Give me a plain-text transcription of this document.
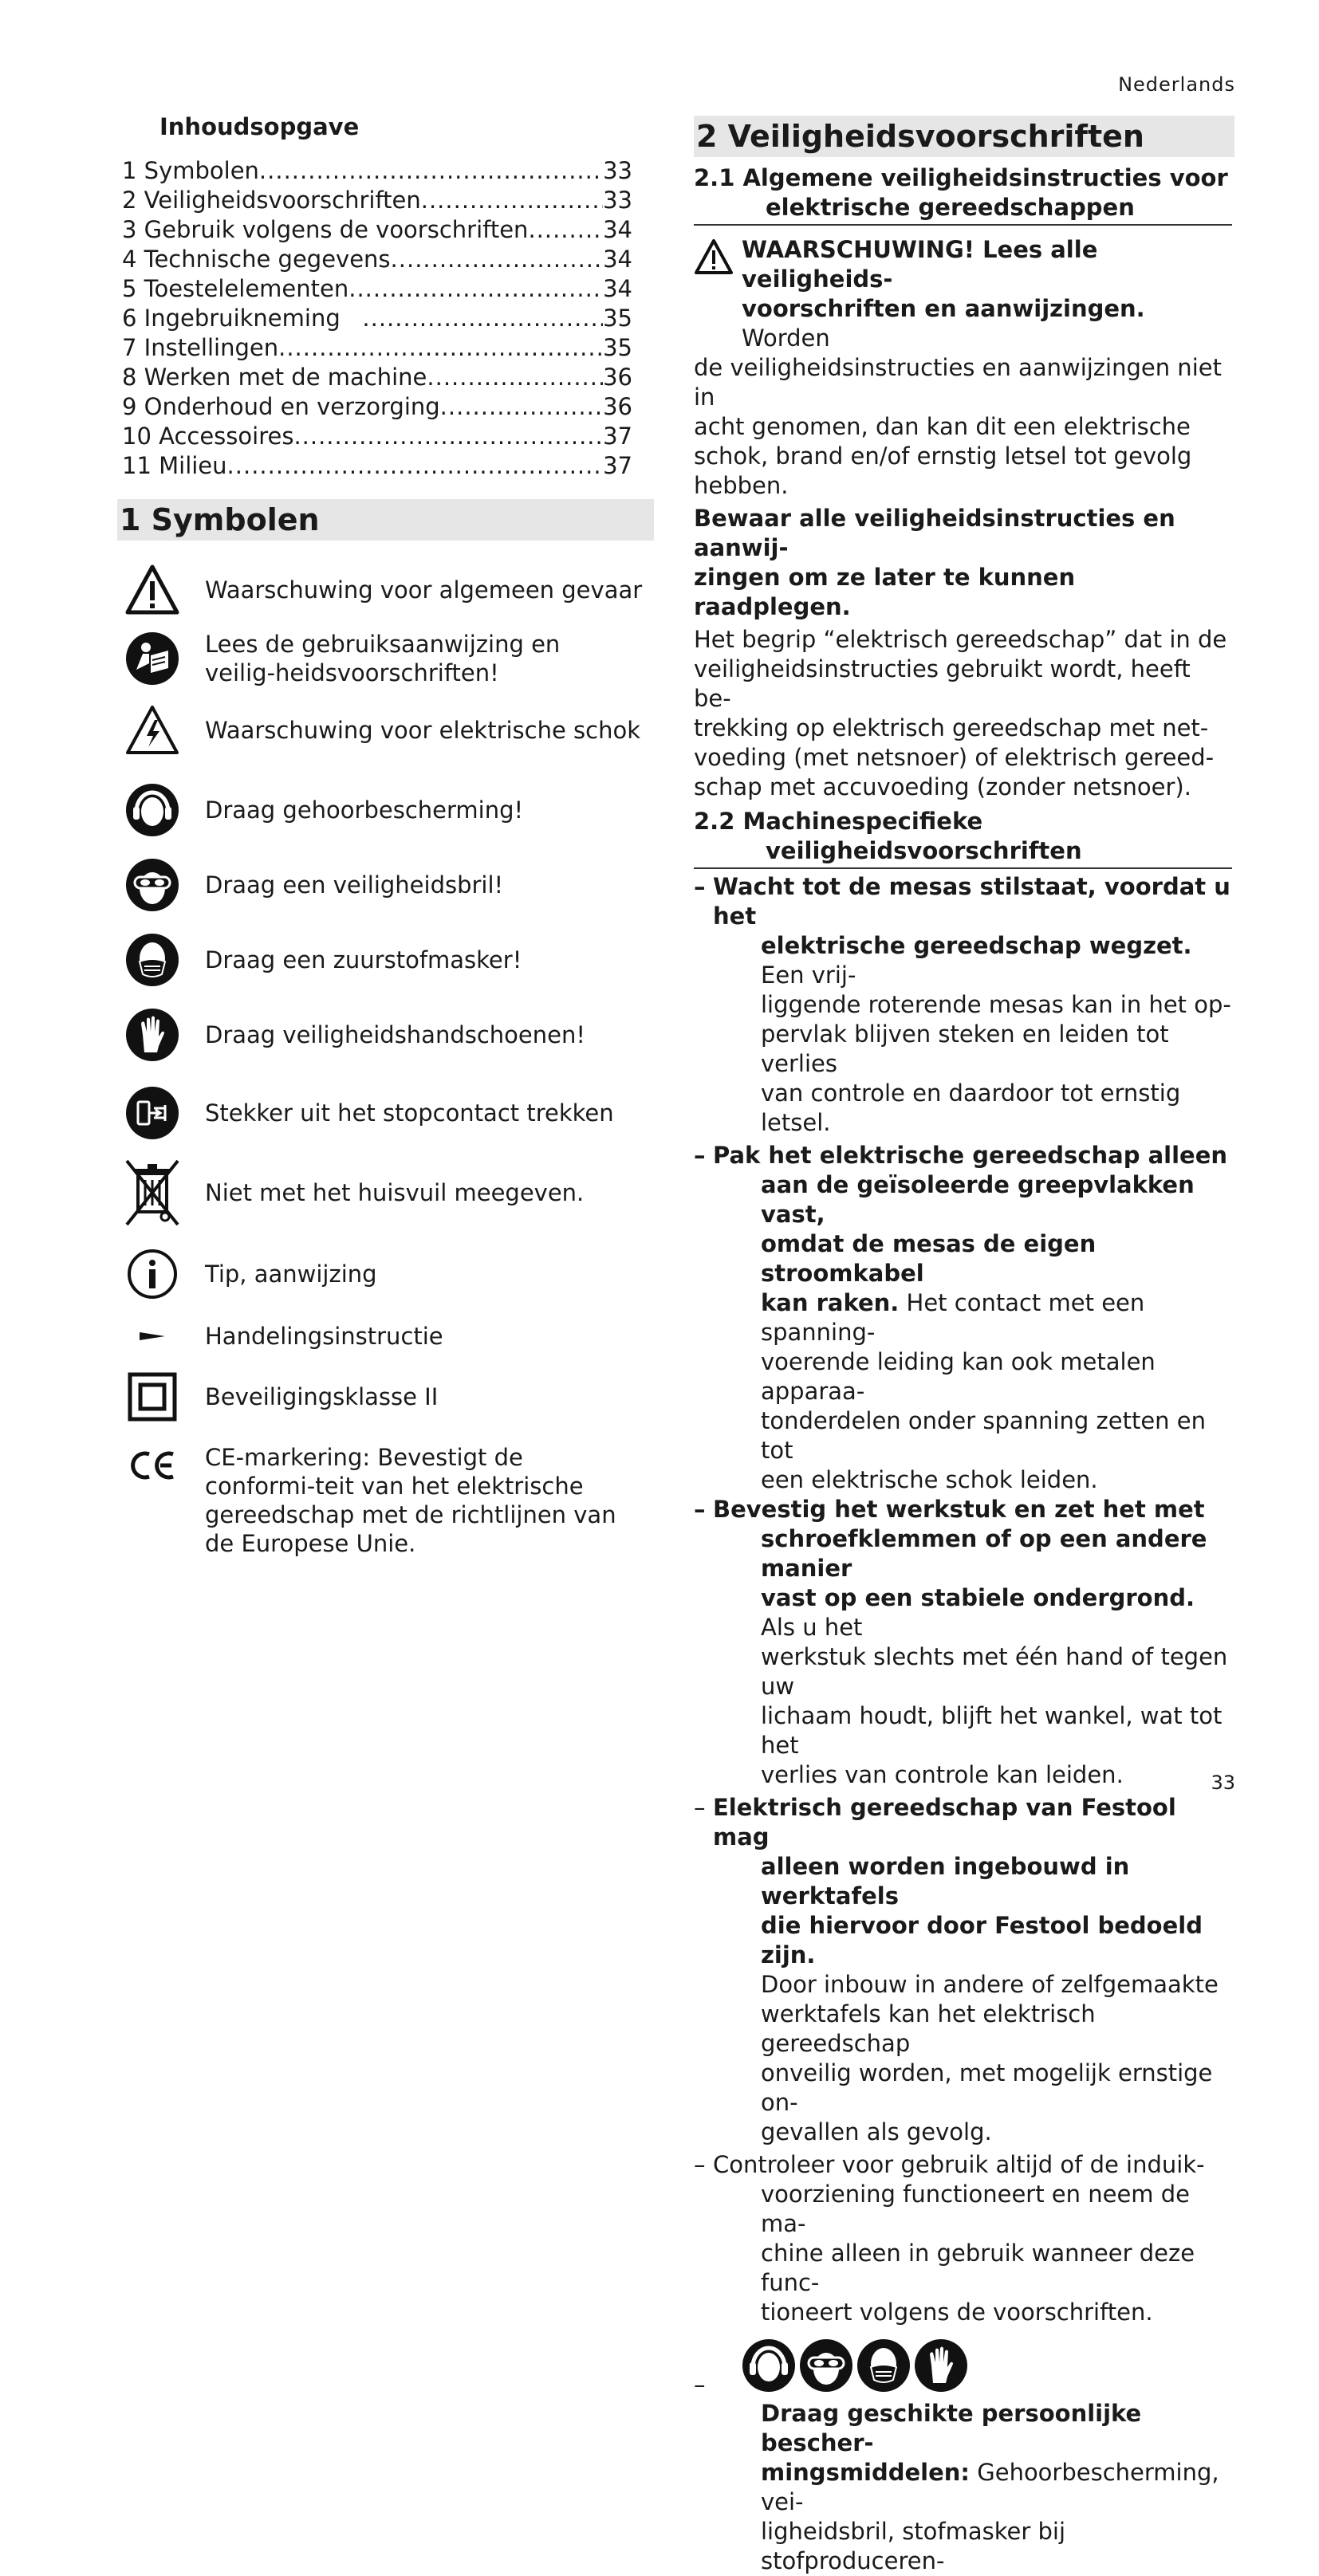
Nederlands
33
Inhoudsopgave
1 Symbolen .....	33
2 Veiligheidsvoorschriften .....	33
3 Gebruik volgens de voorschriften .....	34
4 Technische gegevens .....	34
5 Toestelelementen .....	34
6 Ingebruikneming .....	35
7 Instellingen .....	35
8 Werken met de machine .....	36
9 Onderhoud en verzorging .....	36
10 Accessoires .....	37
11 Milieu .....	37
1 Symbolen
Waarschuwing voor algemeen gevaar
Lees de gebruiksaanwijzing en veilig-heidsvoorschriften!
Waarschuwing voor elektrische schok
Draag gehoorbescherming!
Draag een veiligheidsbril!
Draag een zuurstofmasker!
Draag veiligheidshandschoenen!
Stekker uit het stopcontact trekken
Niet met het huisvuil meegeven.
Tip, aanwijzing
Handelingsinstructie
Beveiligingsklasse II
CE-markering: Bevestigt de conformi-teit van het elektrische gereedschap met de richtlijnen van de Europese Unie.
2 Veiligheidsvoorschriften
2.1 Algemene veiligheidsinstructies voor
elektrische gereedschappen
WAARSCHUWING! Lees alle veiligheids-
voorschriften en aanwijzingen. Worden
de veiligheidsinstructies en aanwijzingen niet in
acht genomen, dan kan dit een elektrische
schok, brand en/of ernstig letsel tot gevolg
hebben.
Bewaar alle veiligheidsinstructies en aanwij-
zingen om ze later te kunnen raadplegen.
Het begrip “elektrisch gereedschap” dat in de
veiligheidsinstructies gebruikt wordt, heeft be-
trekking op elektrisch gereedschap met net-
voeding (met netsnoer) of elektrisch gereed-
schap met accuvoeding (zonder netsnoer).
2.2 Machinespecifieke
veiligheidsvoorschriften
– Wacht tot de mesas stilstaat, voordat u het
elektrische gereedschap wegzet. Een vrij-
liggende roterende mesas kan in het op-
pervlak blijven steken en leiden tot verlies
van controle en daardoor tot ernstig letsel.
– Pak het elektrische gereedschap alleen
aan de geïsoleerde greepvlakken vast,
omdat de mesas de eigen stroomkabel
kan raken. Het contact met een spanning-
voerende leiding kan ook metalen apparaa-
tonderdelen onder spanning zetten en tot
een elektrische schok leiden.
– Bevestig het werkstuk en zet het met
schroefklemmen of op een andere manier
vast op een stabiele ondergrond. Als u het
werkstuk slechts met één hand of tegen uw
lichaam houdt, blijft het wankel, wat tot het
verlies van controle kan leiden.
– Elektrisch gereedschap van Festool mag
alleen worden ingebouwd in werktafels
die hiervoor door Festool bedoeld zijn.
Door inbouw in andere of zelfgemaakte
werktafels kan het elektrisch gereedschap
onveilig worden, met mogelijk ernstige on-
gevallen als gevolg.
– Controleer voor gebruik altijd of de induik-
voorziening functioneert en neem de ma-
chine alleen in gebruik wanneer deze func-
tioneert volgens de voorschriften.
–
Draag geschikte persoonlijke bescher-
mingsmiddelen: Gehoorbescherming, vei-
ligheidsbril, stofmasker bij stofproduceren-
